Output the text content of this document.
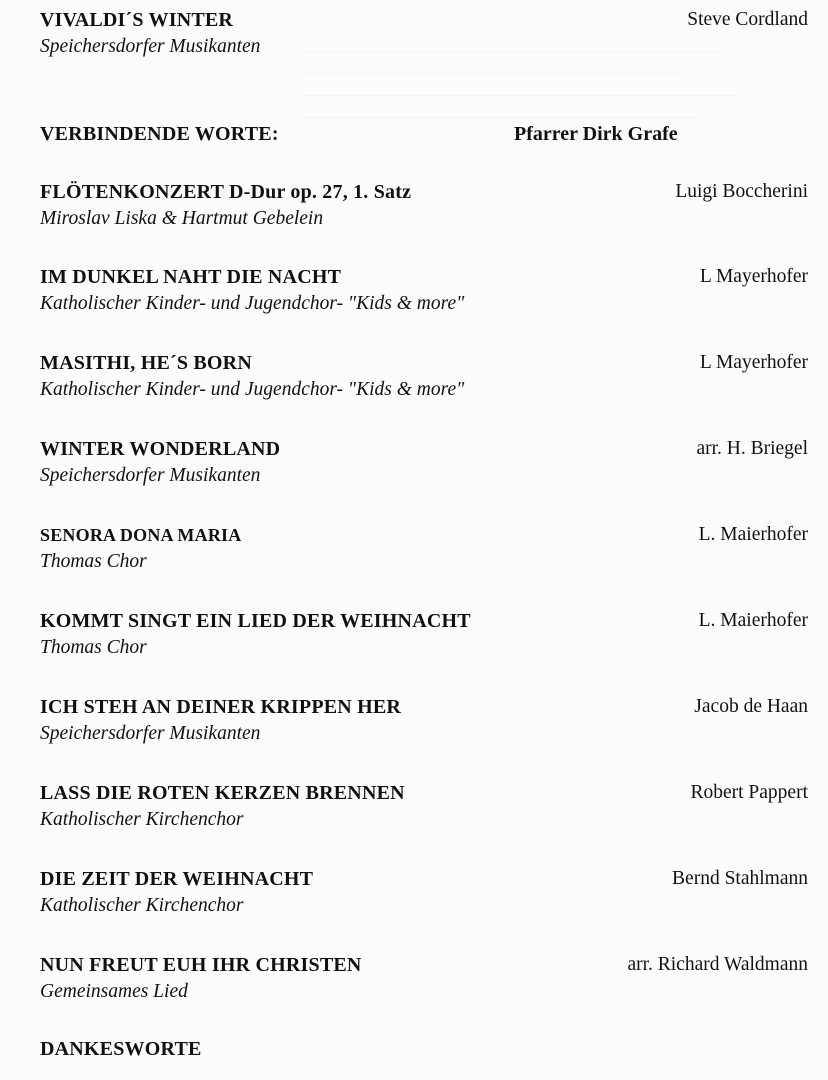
VIVALDI´S WINTER
Speichersdorfer Musikanten
Steve Cordland
VERBINDENDE WORTE:	Pfarrer Dirk Grafe
FLÖTENKONZERT D-Dur op. 27, 1. Satz
Miroslav Liska & Hartmut Gebelein
Luigi Boccherini
IM DUNKEL NAHT DIE NACHT
Katholischer Kinder- und Jugendchor- "Kids & more"
L Mayerhofer
MASITHI, HE´S BORN
Katholischer Kinder- und Jugendchor- "Kids & more"
L Mayerhofer
WINTER WONDERLAND
Speichersdorfer Musikanten
arr. H. Briegel
SENORA DONA MARIA
Thomas Chor
L. Maierhofer
KOMMT SINGT EIN LIED DER WEIHNACHT
Thomas Chor
L. Maierhofer
ICH STEH AN DEINER KRIPPEN HER
Speichersdorfer Musikanten
Jacob de Haan
LASS DIE ROTEN KERZEN BRENNEN
Katholischer Kirchenchor
Robert Pappert
DIE ZEIT DER WEIHNACHT
Katholischer Kirchenchor
Bernd Stahlmann
NUN FREUT EUH IHR CHRISTEN
Gemeinsames Lied
arr. Richard Waldmann
DANKESWORTE
